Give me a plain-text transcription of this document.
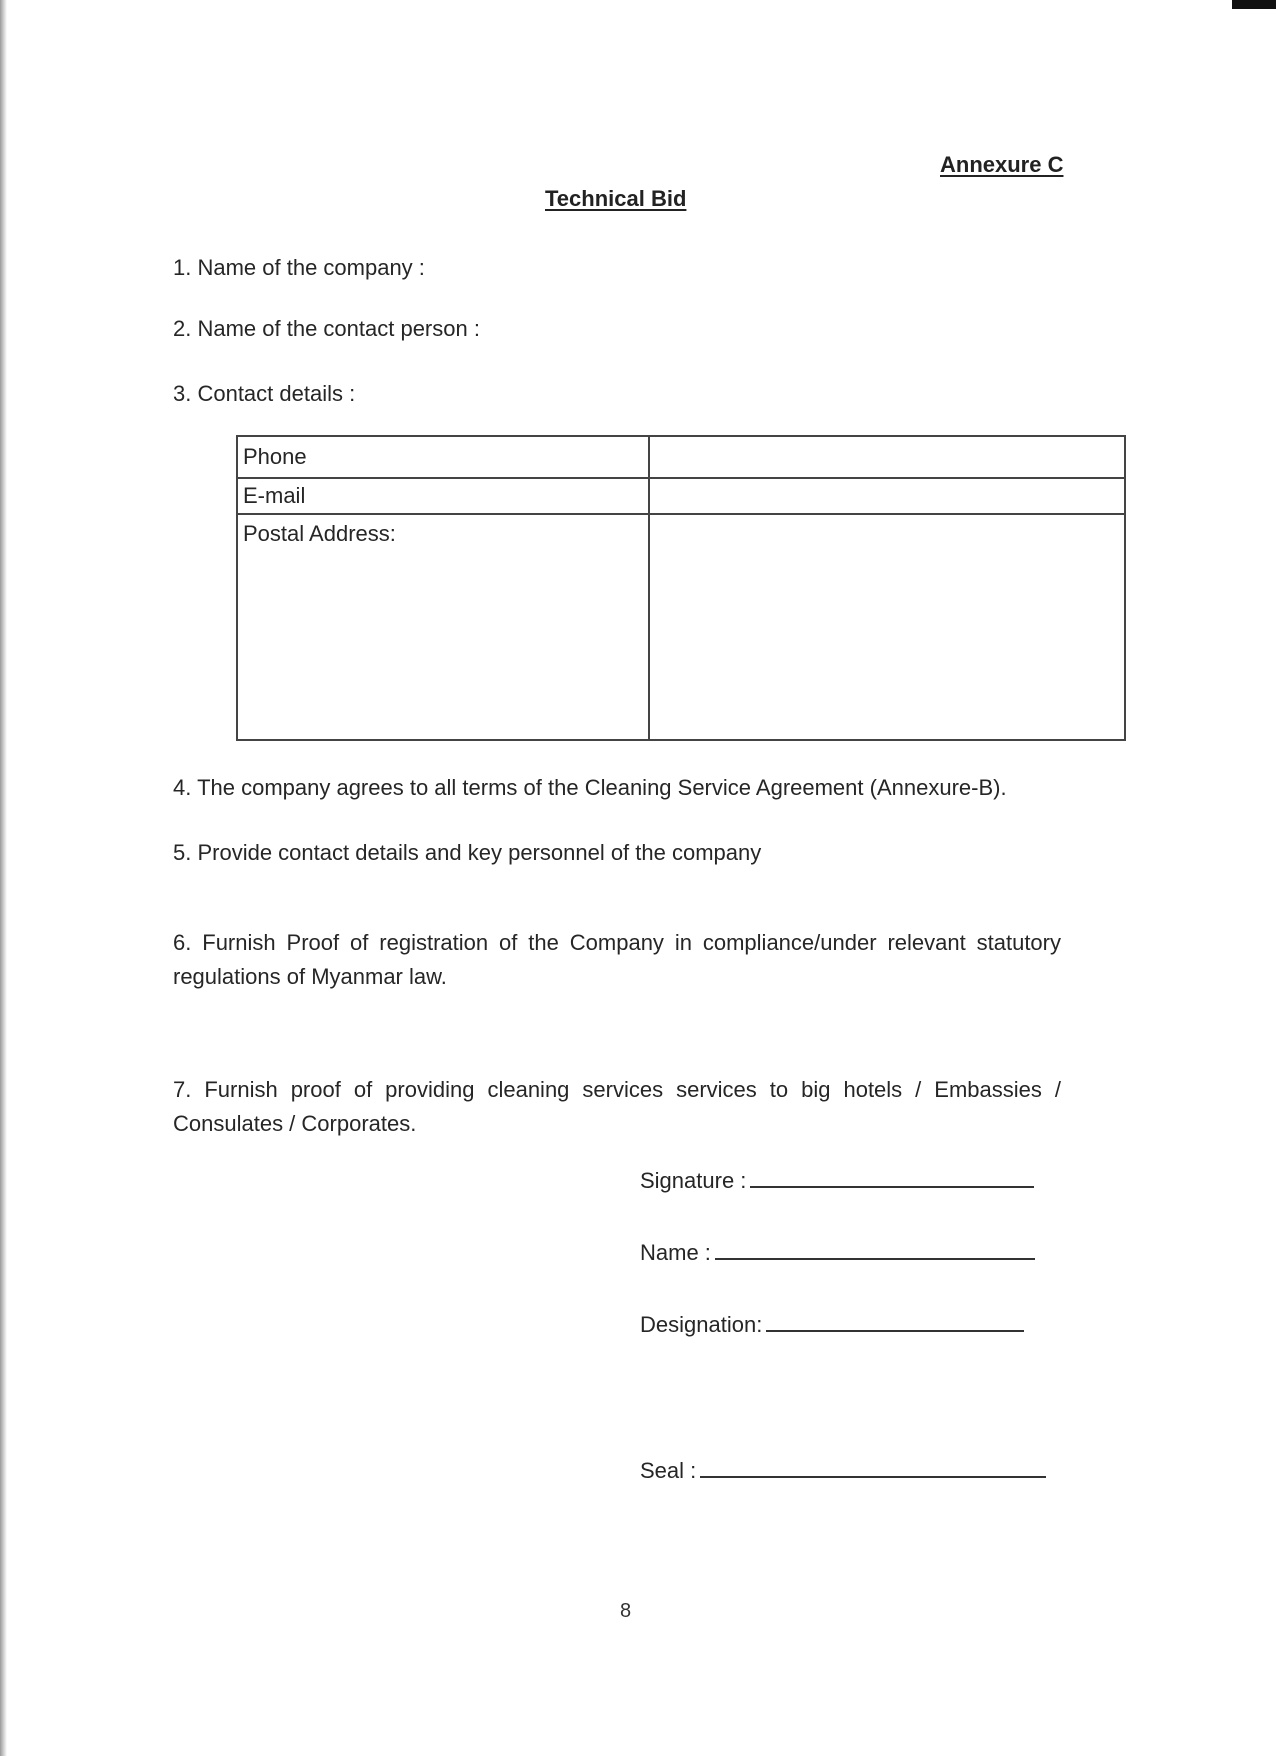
Annexure C
Technical Bid
1. Name of the company :
2. Name of the contact person :
3. Contact details :
Phone	
E-mail	
Postal Address:	
4. The company agrees to all terms of the Cleaning Service Agreement (Annexure-B).
5. Provide contact details and key personnel of the company
6. Furnish Proof of registration of the Company in compliance/under relevant statutory regulations of Myanmar law.
7. Furnish proof of providing cleaning services services to big hotels / Embassies / Consulates / Corporates.
Signature :
Name :
Designation:
Seal :
8
